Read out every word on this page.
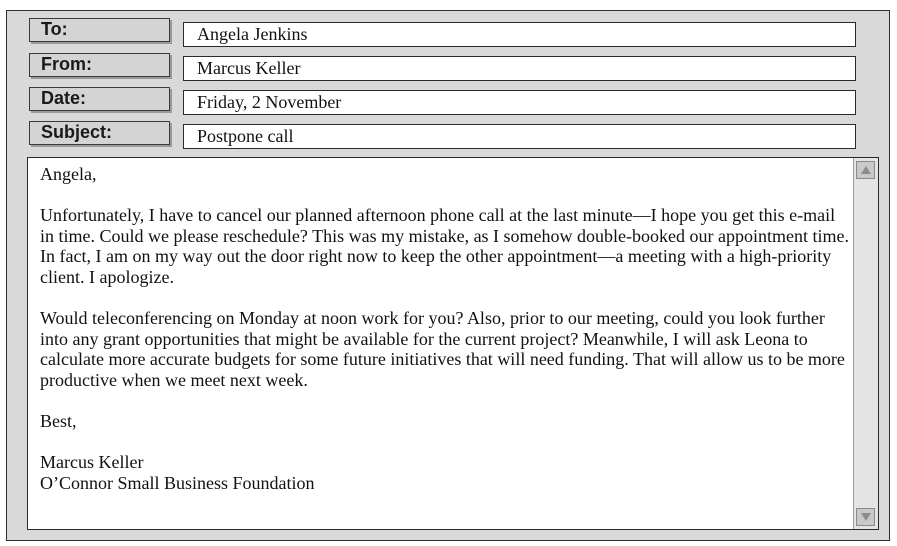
To:	Angela Jenkins
From:	Marcus Keller
Date:	Friday, 2 November
Subject:	Postpone call

Angela,

Unfortunately, I have to cancel our planned afternoon phone call at the last minute—I hope you get this e-mail in time. Could we please reschedule? This was my mistake, as I somehow double-booked our appointment time. In fact, I am on my way out the door right now to keep the other appointment—a meeting with a high-priority client. I apologize.

Would teleconferencing on Monday at noon work for you? Also, prior to our meeting, could you look further into any grant opportunities that might be available for the current project? Meanwhile, I will ask Leona to calculate more accurate budgets for some future initiatives that will need funding. That will allow us to be more productive when we meet next week.

Best,

Marcus Keller
O’Connor Small Business Foundation
